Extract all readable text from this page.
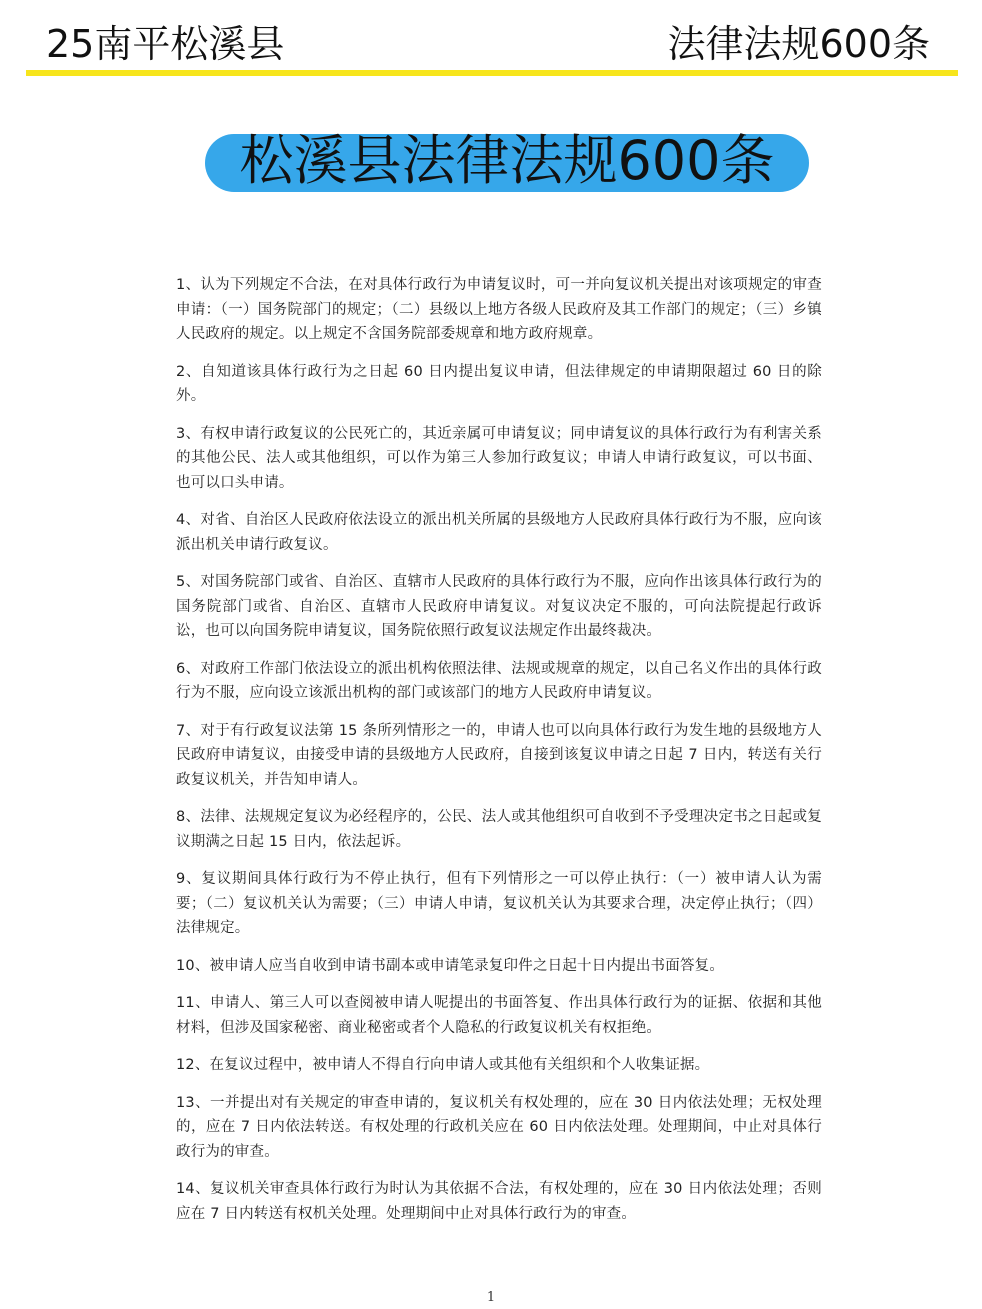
25南平松溪县	法律法规600条
松溪县法律法规600条

1、认为下列规定不合法，在对具体行政行为申请复议时，可一并向复议机关提出对该项规定的审查申请：（一）国务院部门的规定；（二）县级以上地方各级人民政府及其工作部门的规定；（三）乡镇人民政府的规定。以上规定不含国务院部委规章和地方政府规章。

2、自知道该具体行政行为之日起 60 日内提出复议申请，但法律规定的申请期限超过 60 日的除外。

3、有权申请行政复议的公民死亡的，其近亲属可申请复议；同申请复议的具体行政行为有利害关系的其他公民、法人或其他组织，可以作为第三人参加行政复议；申请人申请行政复议，可以书面、也可以口头申请。

4、对省、自治区人民政府依法设立的派出机关所属的县级地方人民政府具体行政行为不服，应向该派出机关申请行政复议。

5、对国务院部门或省、自治区、直辖市人民政府的具体行政行为不服，应向作出该具体行政行为的国务院部门或省、自治区、直辖市人民政府申请复议。对复议决定不服的，可向法院提起行政诉讼，也可以向国务院申请复议，国务院依照行政复议法规定作出最终裁决。

6、对政府工作部门依法设立的派出机构依照法律、法规或规章的规定，以自己名义作出的具体行政行为不服，应向设立该派出机构的部门或该部门的地方人民政府申请复议。

7、对于有行政复议法第 15 条所列情形之一的，申请人也可以向具体行政行为发生地的县级地方人民政府申请复议，由接受申请的县级地方人民政府，自接到该复议申请之日起 7 日内，转送有关行政复议机关，并告知申请人。

8、法律、法规规定复议为必经程序的，公民、法人或其他组织可自收到不予受理决定书之日起或复议期满之日起 15 日内，依法起诉。

9、复议期间具体行政行为不停止执行，但有下列情形之一可以停止执行：（一）被申请人认为需要；（二）复议机关认为需要；（三）申请人申请，复议机关认为其要求合理，决定停止执行；（四）法律规定。

10、被申请人应当自收到申请书副本或申请笔录复印件之日起十日内提出书面答复。

11、申请人、第三人可以查阅被申请人呢提出的书面答复、作出具体行政行为的证据、依据和其他材料，但涉及国家秘密、商业秘密或者个人隐私的行政复议机关有权拒绝。

12、在复议过程中，被申请人不得自行向申请人或其他有关组织和个人收集证据。

13、一并提出对有关规定的审查申请的，复议机关有权处理的，应在 30 日内依法处理；无权处理的，应在 7 日内依法转送。有权处理的行政机关应在 60 日内依法处理。处理期间，中止对具体行政行为的审查。

14、复议机关审查具体行政行为时认为其依据不合法，有权处理的，应在 30 日内依法处理；否则应在 7 日内转送有权机关处理。处理期间中止对具体行政行为的审查。

1
